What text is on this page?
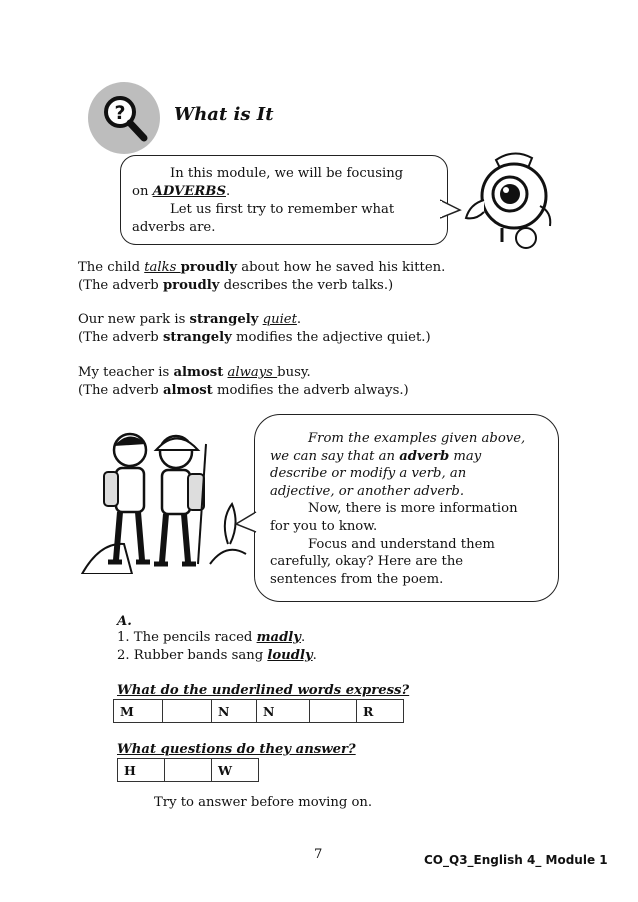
?	What is It
In this module, we will be focusing
on ADVERBS.
Let us first try to remember what
adverbs are.
The child talks proudly about how he saved his kitten.
(The adverb proudly describes the verb talks.)
Our new park is strangely quiet.
(The adverb strangely modifies the adjective quiet.)
My teacher is almost always busy.
(The adverb almost modifies the adverb always.)
From the examples given above,
we can say that an adverb may
describe or modify a verb, an
adjective, or another adverb.
Now, there is more information
for you to know.
Focus and understand them
carefully, okay? Here are the
sentences from the poem.
A.
1. The pencils raced madly.
2. Rubber bands sang loudly.
What do the underlined words express?
M		N	N		R
What questions do they answer?
H		W
Try to answer before moving on.
7	CO_Q3_English 4_ Module 1
